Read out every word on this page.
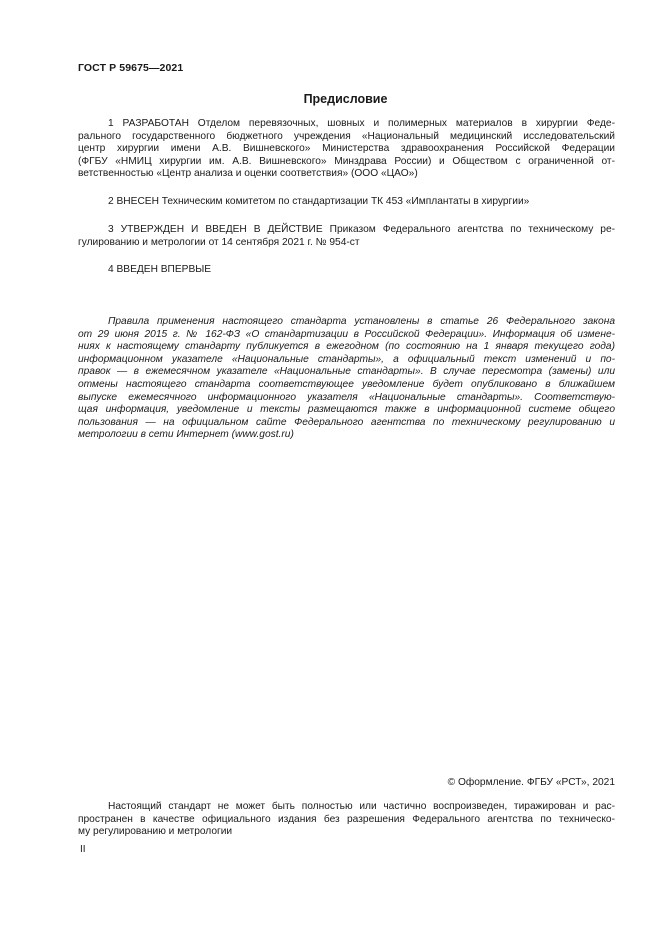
ГОСТ Р 59675—2021
Предисловие
1 РАЗРАБОТАН Отделом перевязочных, шовных и полимерных материалов в хирургии Феде-
рального государственного бюджетного учреждения «Национальный медицинский исследовательский
центр хирургии имени А.В. Вишневского» Министерства здравоохранения Российской Федерации
(ФГБУ «НМИЦ хирургии им. А.В. Вишневского» Минздрава России) и Обществом с ограниченной от-
ветственностью «Центр анализа и оценки соответствия» (ООО «ЦАО»)
2 ВНЕСЕН Техническим комитетом по стандартизации ТК 453 «Имплантаты в хирургии»
3 УТВЕРЖДЕН И ВВЕДЕН В ДЕЙСТВИЕ Приказом Федерального агентства по техническому ре-
гулированию и метрологии от 14 сентября 2021 г. № 954-ст
4 ВВЕДЕН ВПЕРВЫЕ
Правила применения настоящего стандарта установлены в статье 26 Федерального закона
от 29 июня 2015 г. № 162-ФЗ «О стандартизации в Российской Федерации». Информация об измене-
ниях к настоящему стандарту публикуется в ежегодном (по состоянию на 1 января текущего года)
информационном указателе «Национальные стандарты», а официальный текст изменений и по-
правок — в ежемесячном указателе «Национальные стандарты». В случае пересмотра (замены) или
отмены настоящего стандарта соответствующее уведомление будет опубликовано в ближайшем
выпуске ежемесячного информационного указателя «Национальные стандарты». Соответствую-
щая информация, уведомление и тексты размещаются также в информационной системе общего
пользования — на официальном сайте Федерального агентства по техническому регулированию и
метрологии в сети Интернет (www.gost.ru)
© Оформление. ФГБУ «РСТ», 2021
Настоящий стандарт не может быть полностью или частично воспроизведен, тиражирован и рас-
пространен в качестве официального издания без разрешения Федерального агентства по техническо-
му регулированию и метрологии
II
